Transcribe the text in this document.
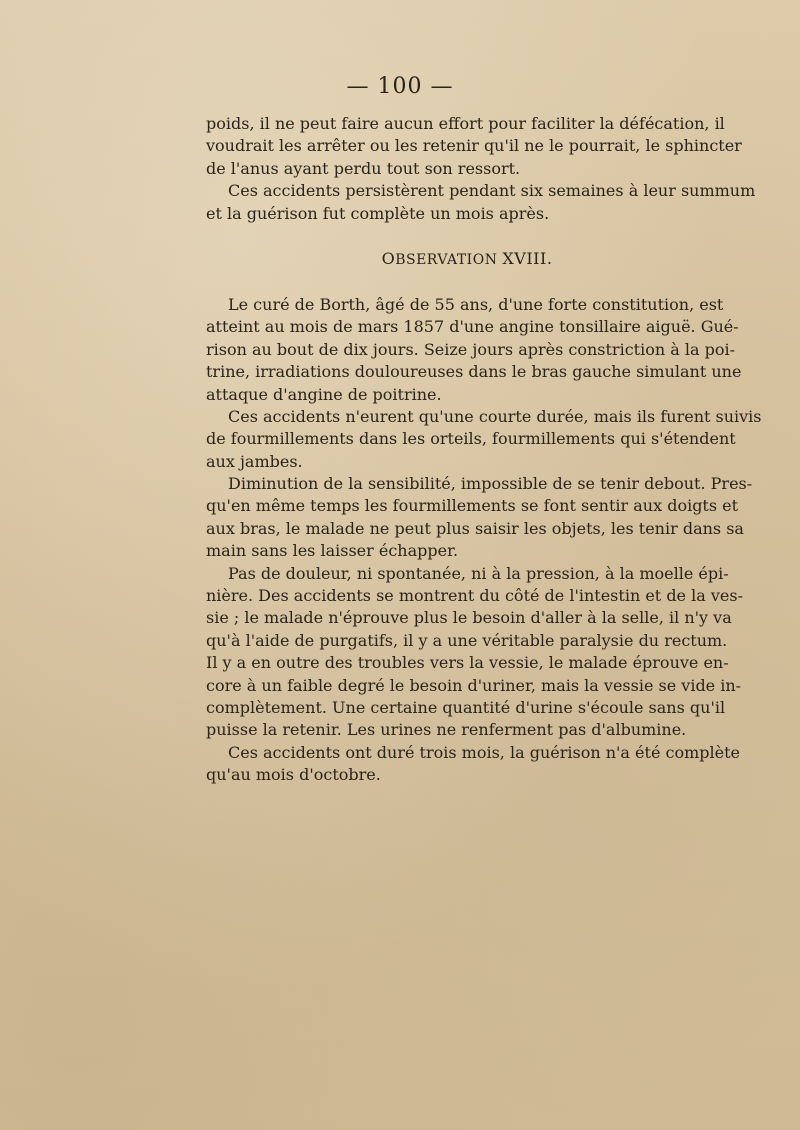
— 100 —
poids, il ne peut faire aucun effort pour faciliter la défécation, il
voudrait les arrêter ou les retenir qu'il ne le pourrait, le sphincter
de l'anus ayant perdu tout son ressort.
Ces accidents persistèrent pendant six semaines à leur summum
et la guérison fut complète un mois après.
OBSERVATION XVIII.
Le curé de Borth, âgé de 55 ans, d'une forte constitution, est
atteint au mois de mars 1857 d'une angine tonsillaire aiguë. Gué-
rison au bout de dix jours. Seize jours après constriction à la poi-
trine, irradiations douloureuses dans le bras gauche simulant une
attaque d'angine de poitrine.
Ces accidents n'eurent qu'une courte durée, mais ils furent suivis
de fourmillements dans les orteils, fourmillements qui s'étendent
aux jambes.
Diminution de la sensibilité, impossible de se tenir debout. Pres-
qu'en même temps les fourmillements se font sentir aux doigts et
aux bras, le malade ne peut plus saisir les objets, les tenir dans sa
main sans les laisser échapper.
Pas de douleur, ni spontanée, ni à la pression, à la moelle épi-
nière. Des accidents se montrent du côté de l'intestin et de la ves-
sie ; le malade n'éprouve plus le besoin d'aller à la selle, il n'y va
qu'à l'aide de purgatifs, il y a une véritable paralysie du rectum.
Il y a en outre des troubles vers la vessie, le malade éprouve en-
core à un faible degré le besoin d'uriner, mais la vessie se vide in-
complètement. Une certaine quantité d'urine s'écoule sans qu'il
puisse la retenir. Les urines ne renferment pas d'albumine.
Ces accidents ont duré trois mois, la guérison n'a été complète
qu'au mois d'octobre.
